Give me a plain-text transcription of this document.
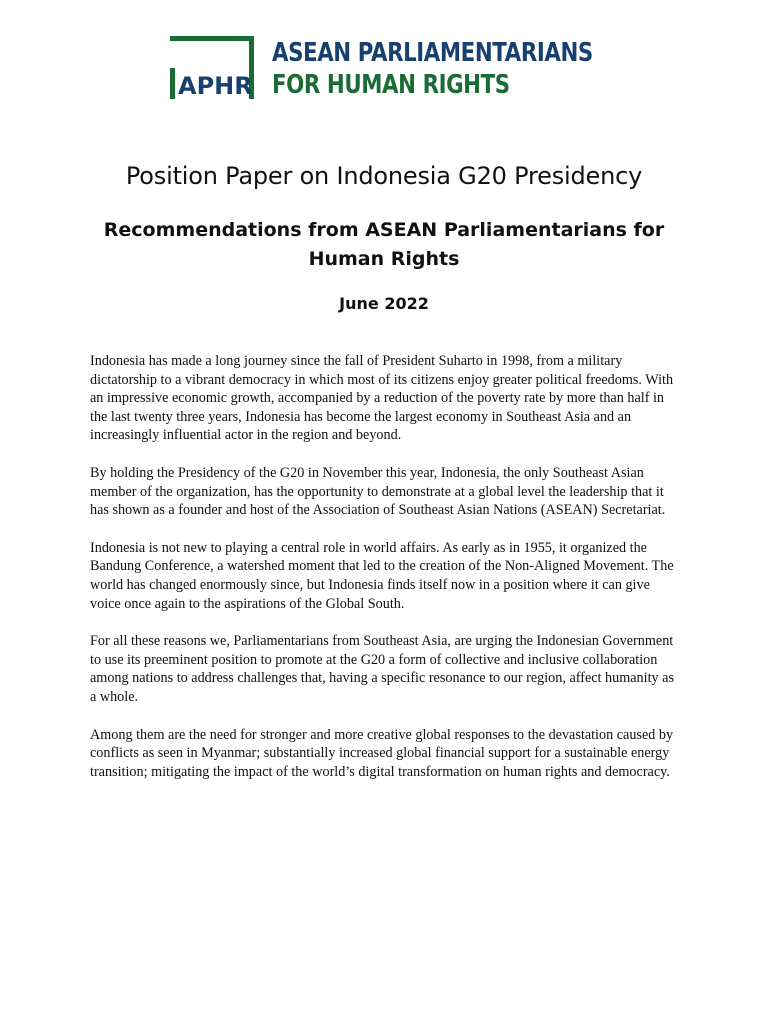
APHR
ASEAN PARLIAMENTARIANS
FOR HUMAN RIGHTS
Position Paper on Indonesia G20 Presidency
Recommendations from ASEAN Parliamentarians for Human Rights
June 2022

Indonesia has made a long journey since the fall of President Suharto in 1998, from a military dictatorship to a vibrant democracy in which most of its citizens enjoy greater political freedoms. With an impressive economic growth, accompanied by a reduction of the poverty rate by more than half in the last twenty three years, Indonesia has become the largest economy in Southeast Asia and an increasingly influential actor in the region and beyond.

By holding the Presidency of the G20 in November this year, Indonesia, the only Southeast Asian member of the organization, has the opportunity to demonstrate at a global level the leadership that it has shown as a founder and host of the Association of Southeast Asian Nations (ASEAN) Secretariat.

Indonesia is not new to playing a central role in world affairs. As early as in 1955, it organized the Bandung Conference, a watershed moment that led to the creation of the Non-Aligned Movement. The world has changed enormously since, but Indonesia finds itself now in a position where it can give voice once again to the aspirations of the Global South.

For all these reasons we, Parliamentarians from Southeast Asia, are urging the Indonesian Government to use its preeminent position to promote at the G20 a form of collective and inclusive collaboration among nations to address challenges that, having a specific resonance to our region, affect humanity as a whole.

Among them are the need for stronger and more creative global responses to the devastation caused by conflicts as seen in Myanmar; substantially increased global financial support for a sustainable energy transition; mitigating the impact of the world’s digital transformation on human rights and democracy.
